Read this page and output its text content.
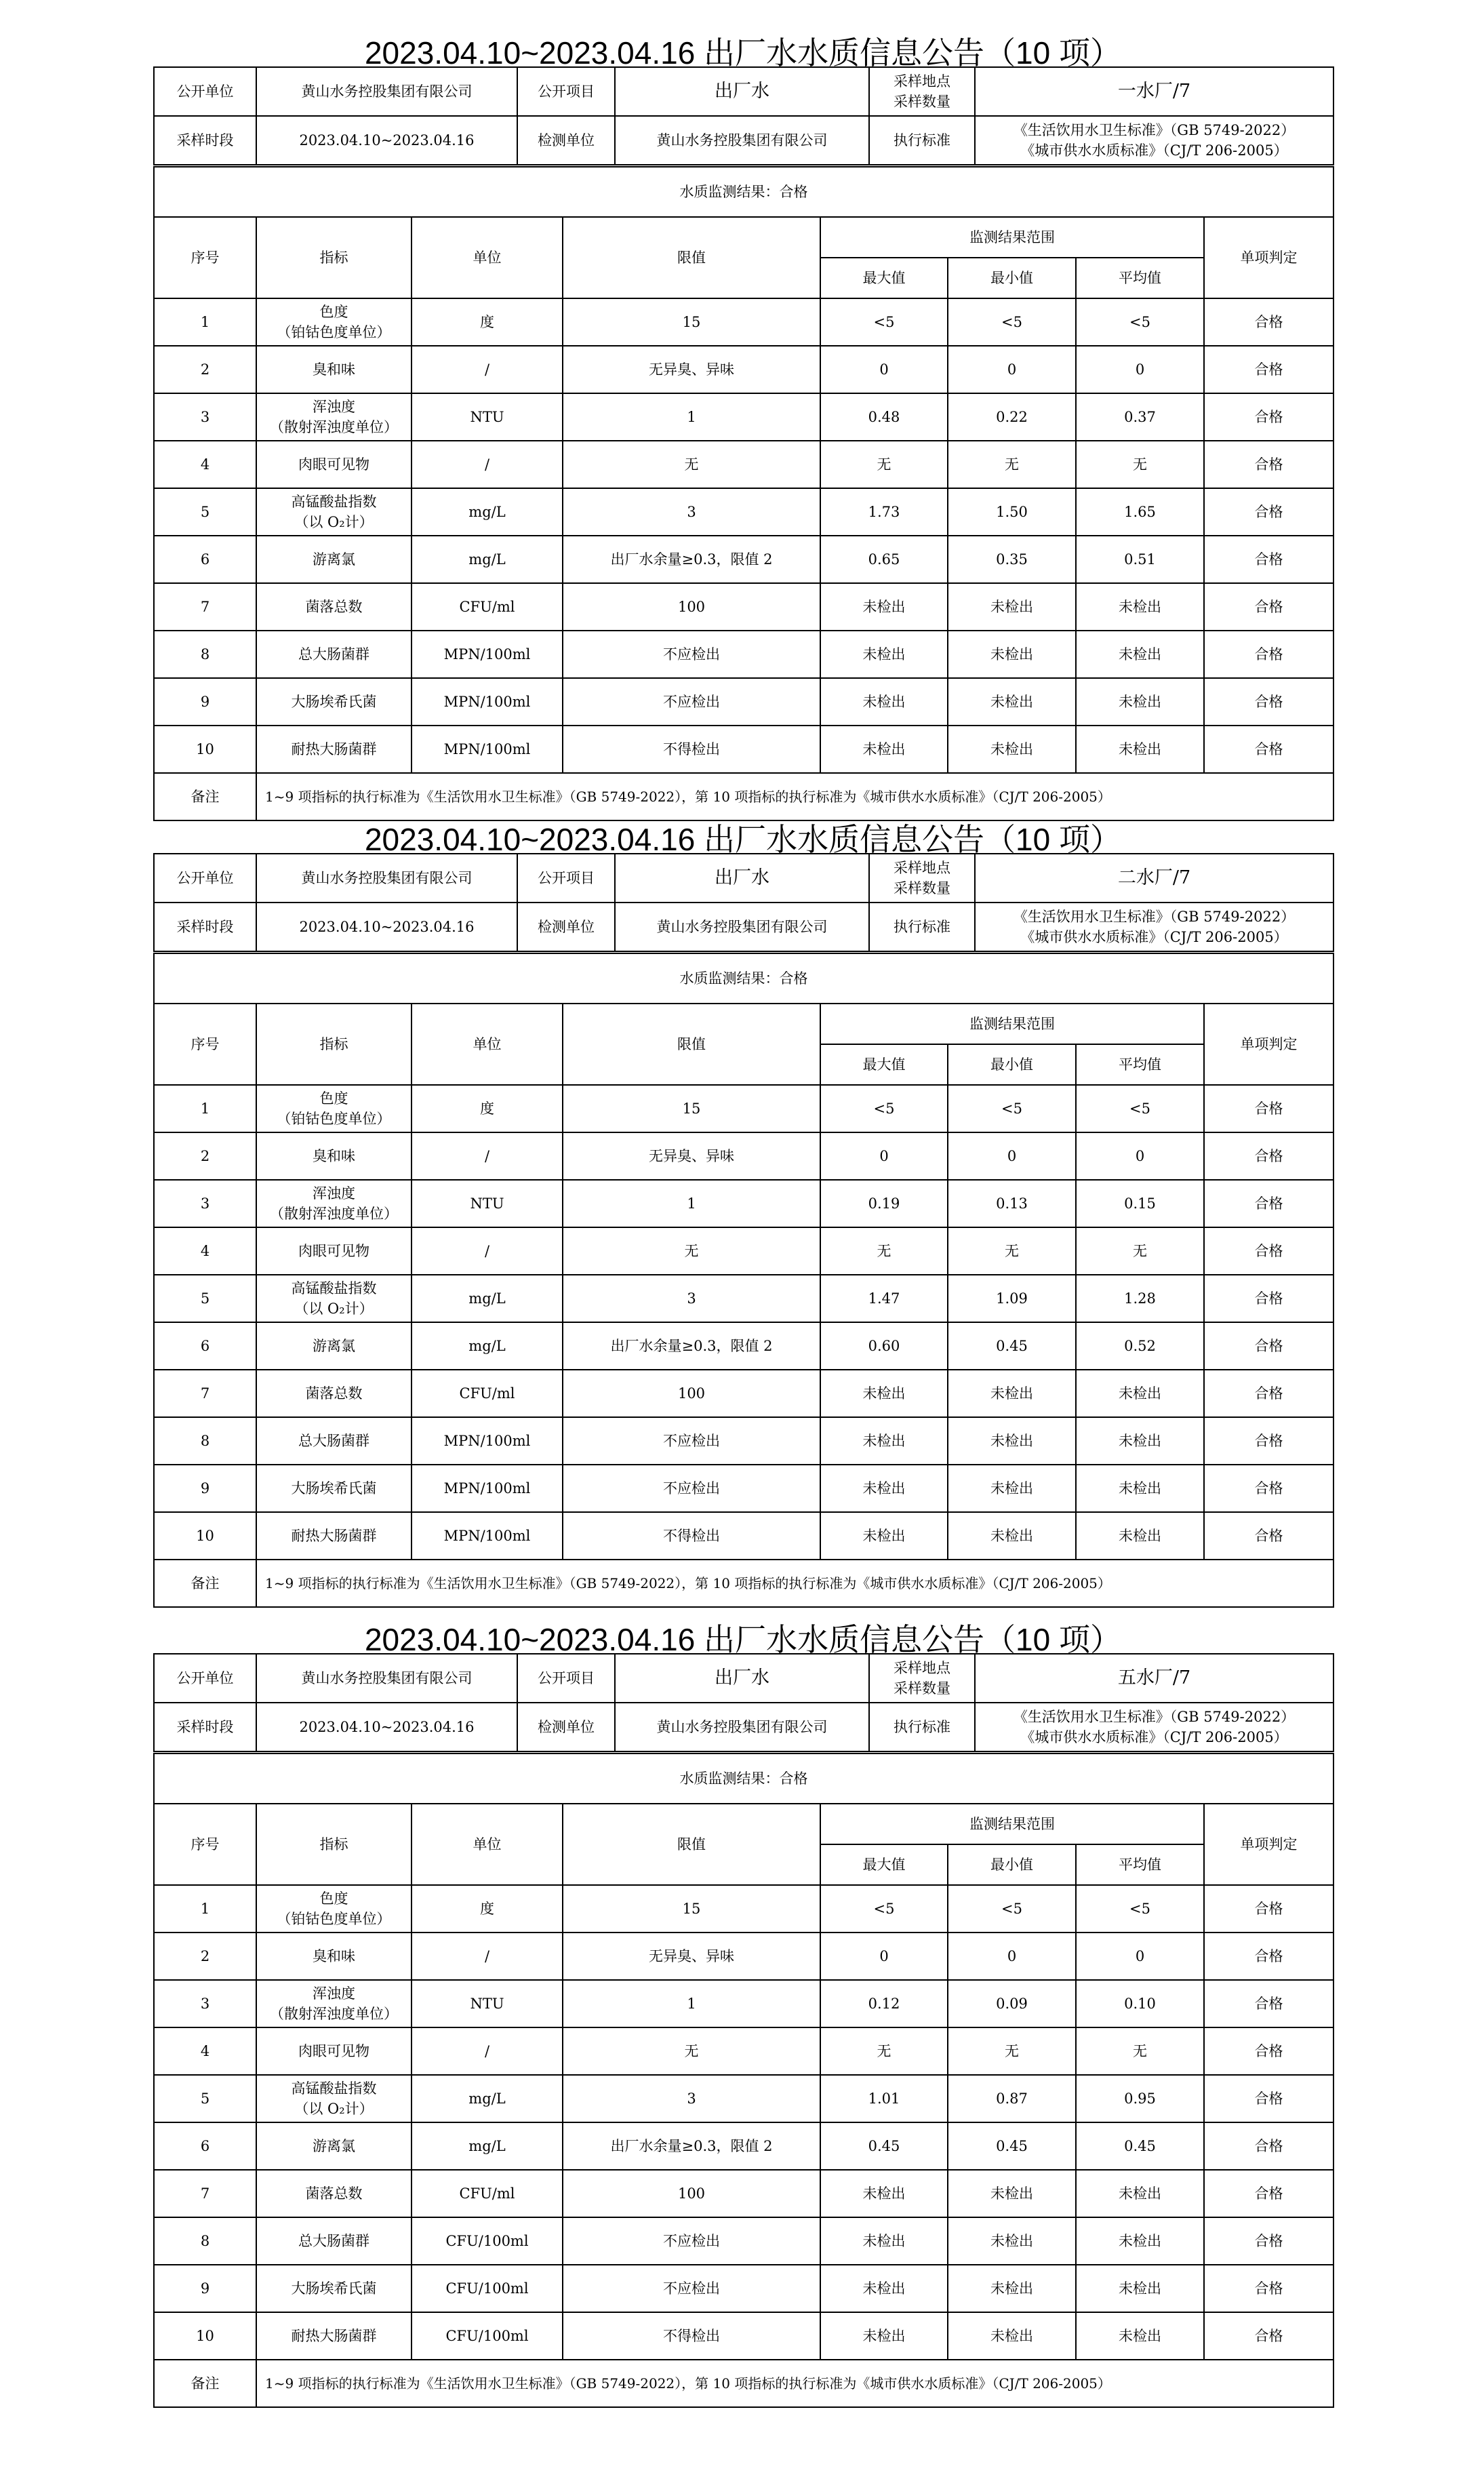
2023.04.10~2023.04.16 出厂水水质信息公告（10 项）
公开单位	黄山水务控股集团有限公司	公开项目	出厂水	采样地点
采样数量	一水厂/7
采样时段	2023.04.10~2023.04.16	检测单位	黄山水务控股集团有限公司	执行标准	《生活饮用水卫生标准》（GB 5749-2022）
《城市供水水质标准》（CJ/T 206-2005）
水质监测结果：合格							
序号	指标	单位	限值	监测结果范围			单项判定
				最大值	最小值	平均值	
1	色度
（铂钴色度单位）	度	15	<5	<5	<5	合格
2	臭和味	/	无异臭、异味	0	0	0	合格
3	浑浊度
（散射浑浊度单位）	NTU	1	0.48	0.22	0.37	合格
4	肉眼可见物	/	无	无	无	无	合格
5	高锰酸盐指数
（以 O₂计）	mg/L	3	1.73	1.50	1.65	合格
6	游离氯	mg/L	出厂水余量≥0.3，限值 2	0.65	0.35	0.51	合格
7	菌落总数	CFU/ml	100	未检出	未检出	未检出	合格
8	总大肠菌群	MPN/100ml	不应检出	未检出	未检出	未检出	合格
9	大肠埃希氏菌	MPN/100ml	不应检出	未检出	未检出	未检出	合格
10	耐热大肠菌群	MPN/100ml	不得检出	未检出	未检出	未检出	合格
备注	1~9 项指标的执行标准为《生活饮用水卫生标准》（GB 5749-2022），第 10 项指标的执行标准为《城市供水水质标准》（CJ/T 206-2005）						
2023.04.10~2023.04.16 出厂水水质信息公告（10 项）
公开单位	黄山水务控股集团有限公司	公开项目	出厂水	采样地点
采样数量	二水厂/7
采样时段	2023.04.10~2023.04.16	检测单位	黄山水务控股集团有限公司	执行标准	《生活饮用水卫生标准》（GB 5749-2022）
《城市供水水质标准》（CJ/T 206-2005）
水质监测结果：合格							
序号	指标	单位	限值	监测结果范围			单项判定
				最大值	最小值	平均值	
1	色度
（铂钴色度单位）	度	15	<5	<5	<5	合格
2	臭和味	/	无异臭、异味	0	0	0	合格
3	浑浊度
（散射浑浊度单位）	NTU	1	0.19	0.13	0.15	合格
4	肉眼可见物	/	无	无	无	无	合格
5	高锰酸盐指数
（以 O₂计）	mg/L	3	1.47	1.09	1.28	合格
6	游离氯	mg/L	出厂水余量≥0.3，限值 2	0.60	0.45	0.52	合格
7	菌落总数	CFU/ml	100	未检出	未检出	未检出	合格
8	总大肠菌群	MPN/100ml	不应检出	未检出	未检出	未检出	合格
9	大肠埃希氏菌	MPN/100ml	不应检出	未检出	未检出	未检出	合格
10	耐热大肠菌群	MPN/100ml	不得检出	未检出	未检出	未检出	合格
备注	1~9 项指标的执行标准为《生活饮用水卫生标准》（GB 5749-2022），第 10 项指标的执行标准为《城市供水水质标准》（CJ/T 206-2005）						
2023.04.10~2023.04.16 出厂水水质信息公告（10 项）
公开单位	黄山水务控股集团有限公司	公开项目	出厂水	采样地点
采样数量	五水厂/7
采样时段	2023.04.10~2023.04.16	检测单位	黄山水务控股集团有限公司	执行标准	《生活饮用水卫生标准》（GB 5749-2022）
《城市供水水质标准》（CJ/T 206-2005）
水质监测结果：合格							
序号	指标	单位	限值	监测结果范围			单项判定
				最大值	最小值	平均值	
1	色度
（铂钴色度单位）	度	15	<5	<5	<5	合格
2	臭和味	/	无异臭、异味	0	0	0	合格
3	浑浊度
（散射浑浊度单位）	NTU	1	0.12	0.09	0.10	合格
4	肉眼可见物	/	无	无	无	无	合格
5	高锰酸盐指数
（以 O₂计）	mg/L	3	1.01	0.87	0.95	合格
6	游离氯	mg/L	出厂水余量≥0.3，限值 2	0.45	0.45	0.45	合格
7	菌落总数	CFU/ml	100	未检出	未检出	未检出	合格
8	总大肠菌群	CFU/100ml	不应检出	未检出	未检出	未检出	合格
9	大肠埃希氏菌	CFU/100ml	不应检出	未检出	未检出	未检出	合格
10	耐热大肠菌群	CFU/100ml	不得检出	未检出	未检出	未检出	合格
备注	1~9 项指标的执行标准为《生活饮用水卫生标准》（GB 5749-2022），第 10 项指标的执行标准为《城市供水水质标准》（CJ/T 206-2005）						
